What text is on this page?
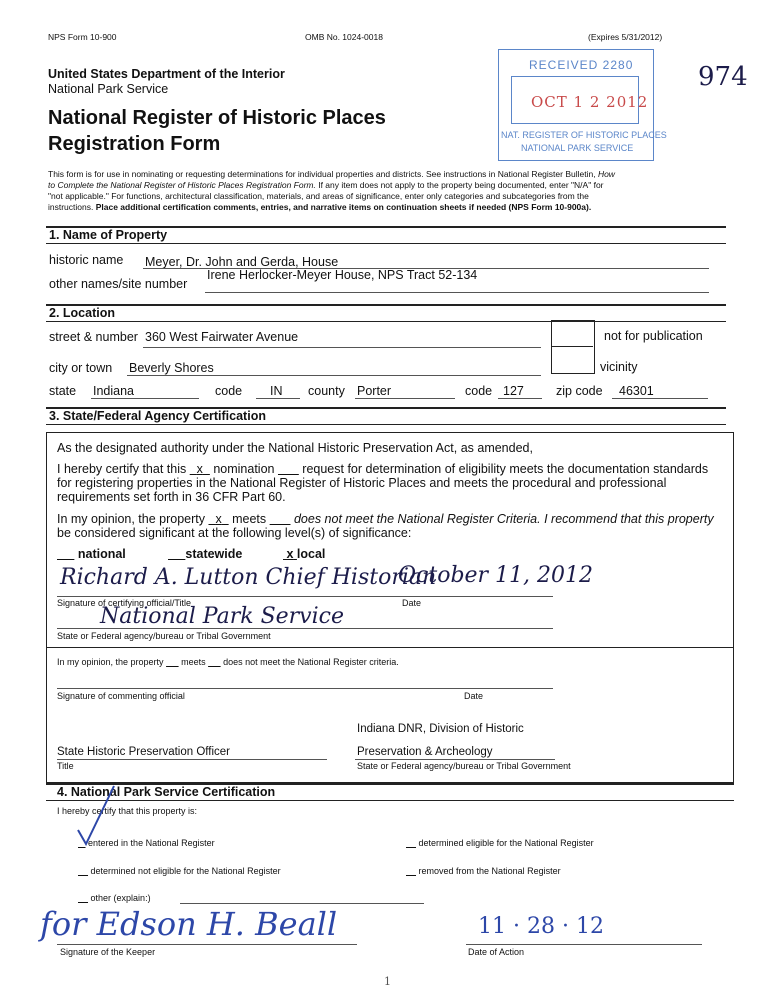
NPS Form 10-900	OMB No. 1024-0018	(Expires 5/31/2012)
United States Department of the Interior
National Park Service
National Register of Historic Places
Registration Form
RECEIVED 2280
OCT 1 2 2012
NAT. REGISTER OF HISTORIC PLACES
NATIONAL PARK SERVICE
974
This form is for use in nominating or requesting determinations for individual properties and districts. See instructions in National Register Bulletin, How
to Complete the National Register of Historic Places Registration Form. If any item does not apply to the property being documented, enter "N/A" for
"not applicable." For functions, architectural classification, materials, and areas of significance, enter only categories and subcategories from the
instructions. Place additional certification comments, entries, and narrative items on continuation sheets if needed (NPS Form 10-900a).
1. Name of Property
historic name Meyer, Dr. John and Gerda, House
other names/site number
Irene Herlocker-Meyer House, NPS Tract 52-134
2. Location
street & number 360 West Fairwater Avenue	not for publication
city or town Beverly Shores	vicinity
state Indiana	code IN county Porter	code 127	zip code 46301
3. State/Federal Agency Certification
As the designated authority under the National Historic Preservation Act, as amended,
I hereby certify that this   x   nomination        request for determination of eligibility meets the documentation standards
for registering properties in the National Register of Historic Places and meets the procedural and professional
requirements set forth in 36 CFR Part 60.
In my opinion, the property   x   meets        does not meet the National Register Criteria. I recommend that this property
be considered significant at the following level(s) of significance:
national	statewide	x local
Richard A. Lutton Chief Historian
October 11, 2012
Signature of certifying official/Title	Date
National Park Service
State or Federal agency/bureau or Tribal Government
In my opinion, the property       meets       does not meet the National Register criteria.
Signature of commenting official	Date
Indiana DNR, Division of Historic
State Historic Preservation Officer	Preservation & Archeology
Title	State or Federal agency/bureau or Tribal Government
4. National Park Service Certification
I hereby certify that this property is:
entered in the National Register	determined eligible for the National Register
determined not eligible for the National Register	removed from the National Register
other (explain:)
for Edson H. Beall	11 · 28 · 12
Signature of the Keeper	Date of Action
1
